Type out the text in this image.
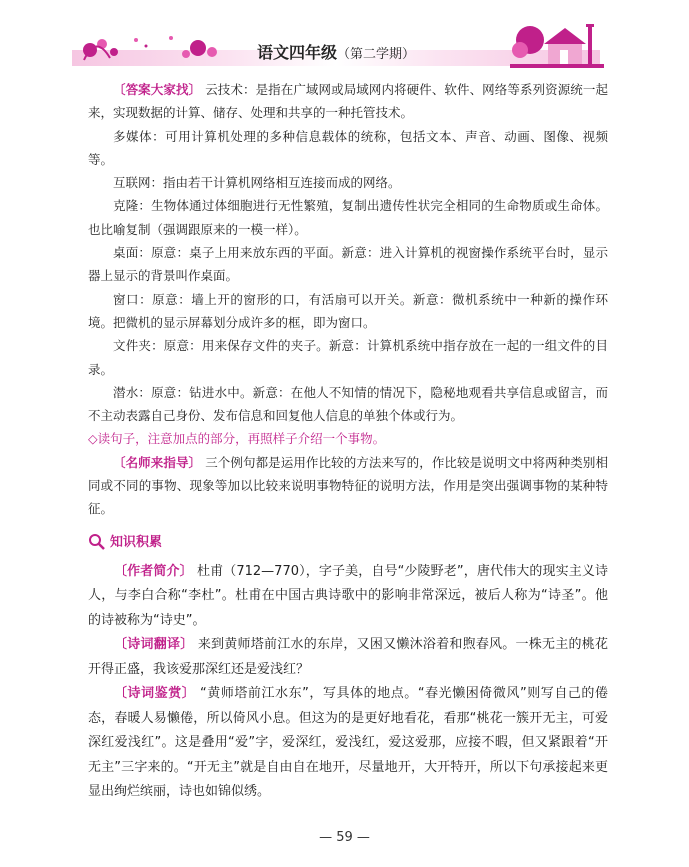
语文四年级（第二学期）

〔答案大家找〕 云技术：是指在广域网或局域网内将硬件、软件、网络等系列资源统一起来，实现数据的计算、储存、处理和共享的一种托管技术。

多媒体：可用计算机处理的多种信息载体的统称，包括文本、声音、动画、图像、视频等。

互联网：指由若干计算机网络相互连接而成的网络。

克隆：生物体通过体细胞进行无性繁殖，复制出遗传性状完全相同的生命物质或生命体。也比喻复制（强调跟原来的一模一样）。

桌面：原意：桌子上用来放东西的平面。新意：进入计算机的视窗操作系统平台时，显示器上显示的背景叫作桌面。

窗口：原意：墙上开的窗形的口，有活扇可以开关。新意：微机系统中一种新的操作环境。把微机的显示屏幕划分成许多的框，即为窗口。

文件夹：原意：用来保存文件的夹子。新意：计算机系统中指存放在一起的一组文件的目录。

潜水：原意：钻进水中。新意：在他人不知情的情况下，隐秘地观看共享信息或留言，而不主动表露自己身份、发布信息和回复他人信息的单独个体或行为。

◇读句子，注意加点的部分，再照样子介绍一个事物。

〔名师来指导〕 三个例句都是运用作比较的方法来写的，作比较是说明文中将两种类别相同或不同的事物、现象等加以比较来说明事物特征的说明方法，作用是突出强调事物的某种特征。

知识积累

〔作者简介〕 杜甫（712—770），字子美，自号“少陵野老”，唐代伟大的现实主义诗人，与李白合称“李杜”。杜甫在中国古典诗歌中的影响非常深远，被后人称为“诗圣”。他的诗被称为“诗史”。

〔诗词翻译〕 来到黄师塔前江水的东岸，又困又懒沐浴着和煦春风。一株无主的桃花开得正盛，我该爱那深红还是爱浅红？

〔诗词鉴赏〕 “黄师塔前江水东”，写具体的地点。“春光懒困倚微风”则写自己的倦态，春暖人易懒倦，所以倚风小息。但这为的是更好地看花，看那“桃花一簇开无主，可爱深红爱浅红”。这是叠用“爱”字，爱深红，爱浅红，爱这爱那，应接不暇，但又紧跟着“开无主”三字来的。“开无主”就是自由自在地开，尽量地开，大开特开，所以下句承接起来更显出绚烂缤丽，诗也如锦似绣。

— 59 —
